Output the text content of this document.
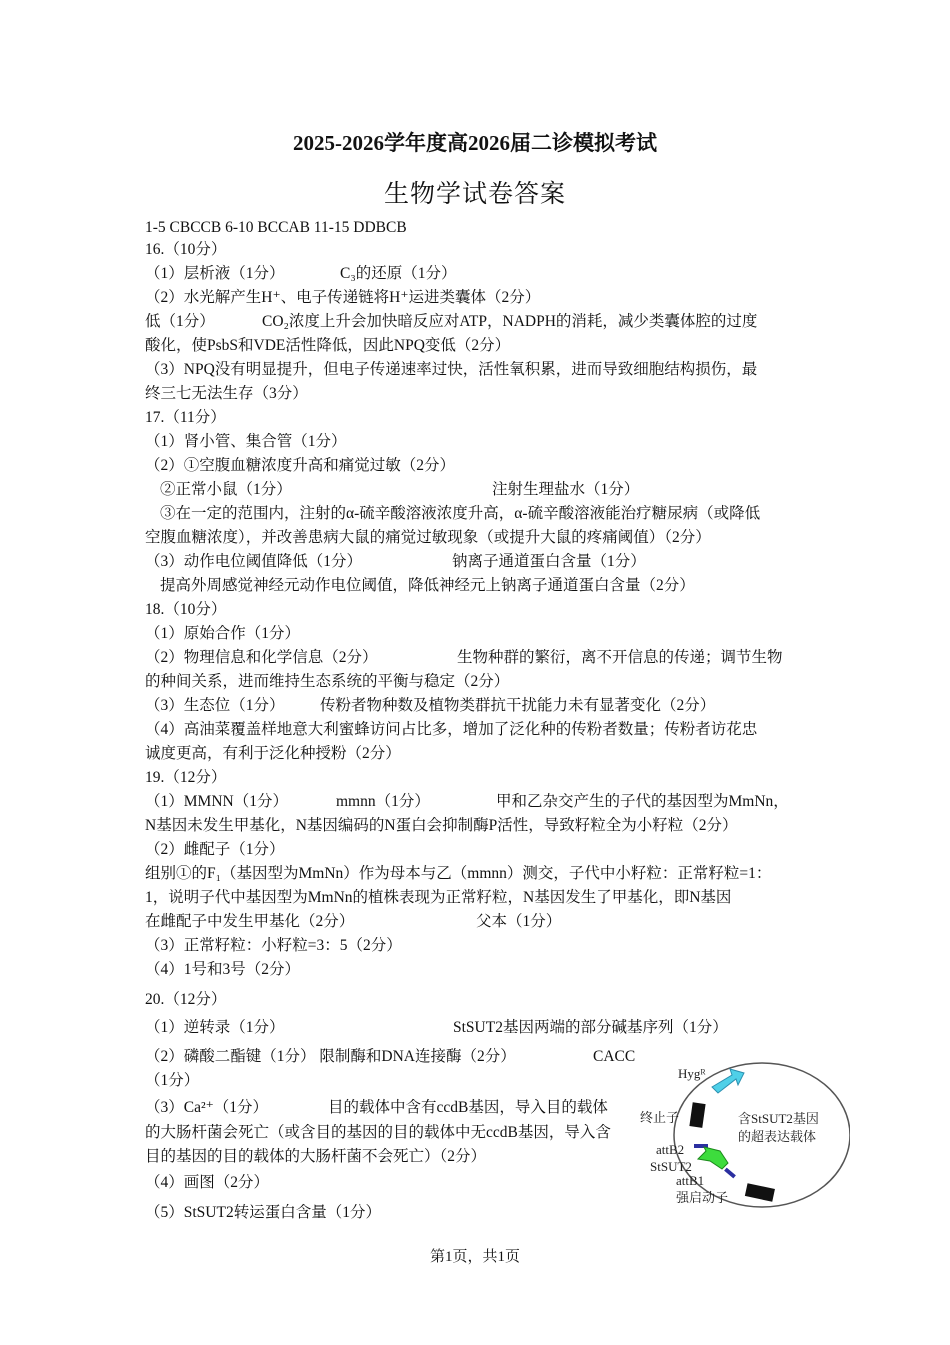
2025-2026学年度高2026届二诊模拟考试
生物学试卷答案
1-5 CBCCB 6-10 BCCAB 11-15 DDBCB
16.（10分）
（1）层析液（1分）	C₃的还原（1分）
（2）水光解产生H⁺、电子传递链将H⁺运进类囊体（2分）
低（1分）	CO₂浓度上升会加快暗反应对ATP，NADPH的消耗，减少类囊体腔的过度
酸化，使PsbS和VDE活性降低，因此NPQ变低（2分）
（3）NPQ没有明显提升，但电子传递速率过快，活性氧积累，进而导致细胞结构损伤，最
终三七无法生存（3分）
17.（11分）
（1）肾小管、集合管（1分）
（2）①空腹血糖浓度升高和痛觉过敏（2分）
②正常小鼠（1分）	注射生理盐水（1分）
③在一定的范围内，注射的α-硫辛酸溶液浓度升高，α-硫辛酸溶液能治疗糖尿病（或降低
空腹血糖浓度），并改善患病大鼠的痛觉过敏现象（或提升大鼠的疼痛阈值）（2分）
（3）动作电位阈值降低（1分）	钠离子通道蛋白含量（1分）
提高外周感觉神经元动作电位阈值，降低神经元上钠离子通道蛋白含量（2分）
18.（10分）
（1）原始合作（1分）
（2）物理信息和化学信息（2分）	生物种群的繁衍，离不开信息的传递；调节生物
的种间关系，进而维持生态系统的平衡与稳定（2分）
（3）生态位（1分） 传粉者物种数及植物类群抗干扰能力未有显著变化（2分）
（4）高油菜覆盖样地意大利蜜蜂访问占比多，增加了泛化种的传粉者数量；传粉者访花忠
诚度更高，有利于泛化种授粉（2分）
19.（12分）
（1）MMNN（1分）	mmnn（1分）	甲和乙杂交产生的子代的基因型为MmNn，
N基因未发生甲基化，N基因编码的N蛋白会抑制酶P活性，导致籽粒全为小籽粒（2分）
（2）雌配子（1分）
组别①的F₁（基因型为MmNn）作为母本与乙（mmnn）测交，子代中小籽粒：正常籽粒=1：
1，说明子代中基因型为MmNn的植株表现为正常籽粒，N基因发生了甲基化，即N基因
在雌配子中发生甲基化（2分）	父本（1分）
（3）正常籽粒：小籽粒=3：5（2分）
（4）1号和3号（2分）
20.（12分）
（1）逆转录（1分）	StSUT2基因两端的部分碱基序列（1分）
（2）磷酸二酯键（1分） 限制酶和DNA连接酶（2分）	CACC
（1分）
（3）Ca²⁺（1分）	目的载体中含有ccdB基因，导入目的载体
的大肠杆菌会死亡（或含目的基因的目的载体中无ccdB基因，导入含
目的基因的目的载体的大肠杆菌不会死亡）（2分）
（4）画图（2分）
（5）StSUT2转运蛋白含量（1分）
Hygᴿ
终止子	含StSUT2基因
的超表达载体
attB2
StSUT2
attB1
强启动子
第1页，共1页
